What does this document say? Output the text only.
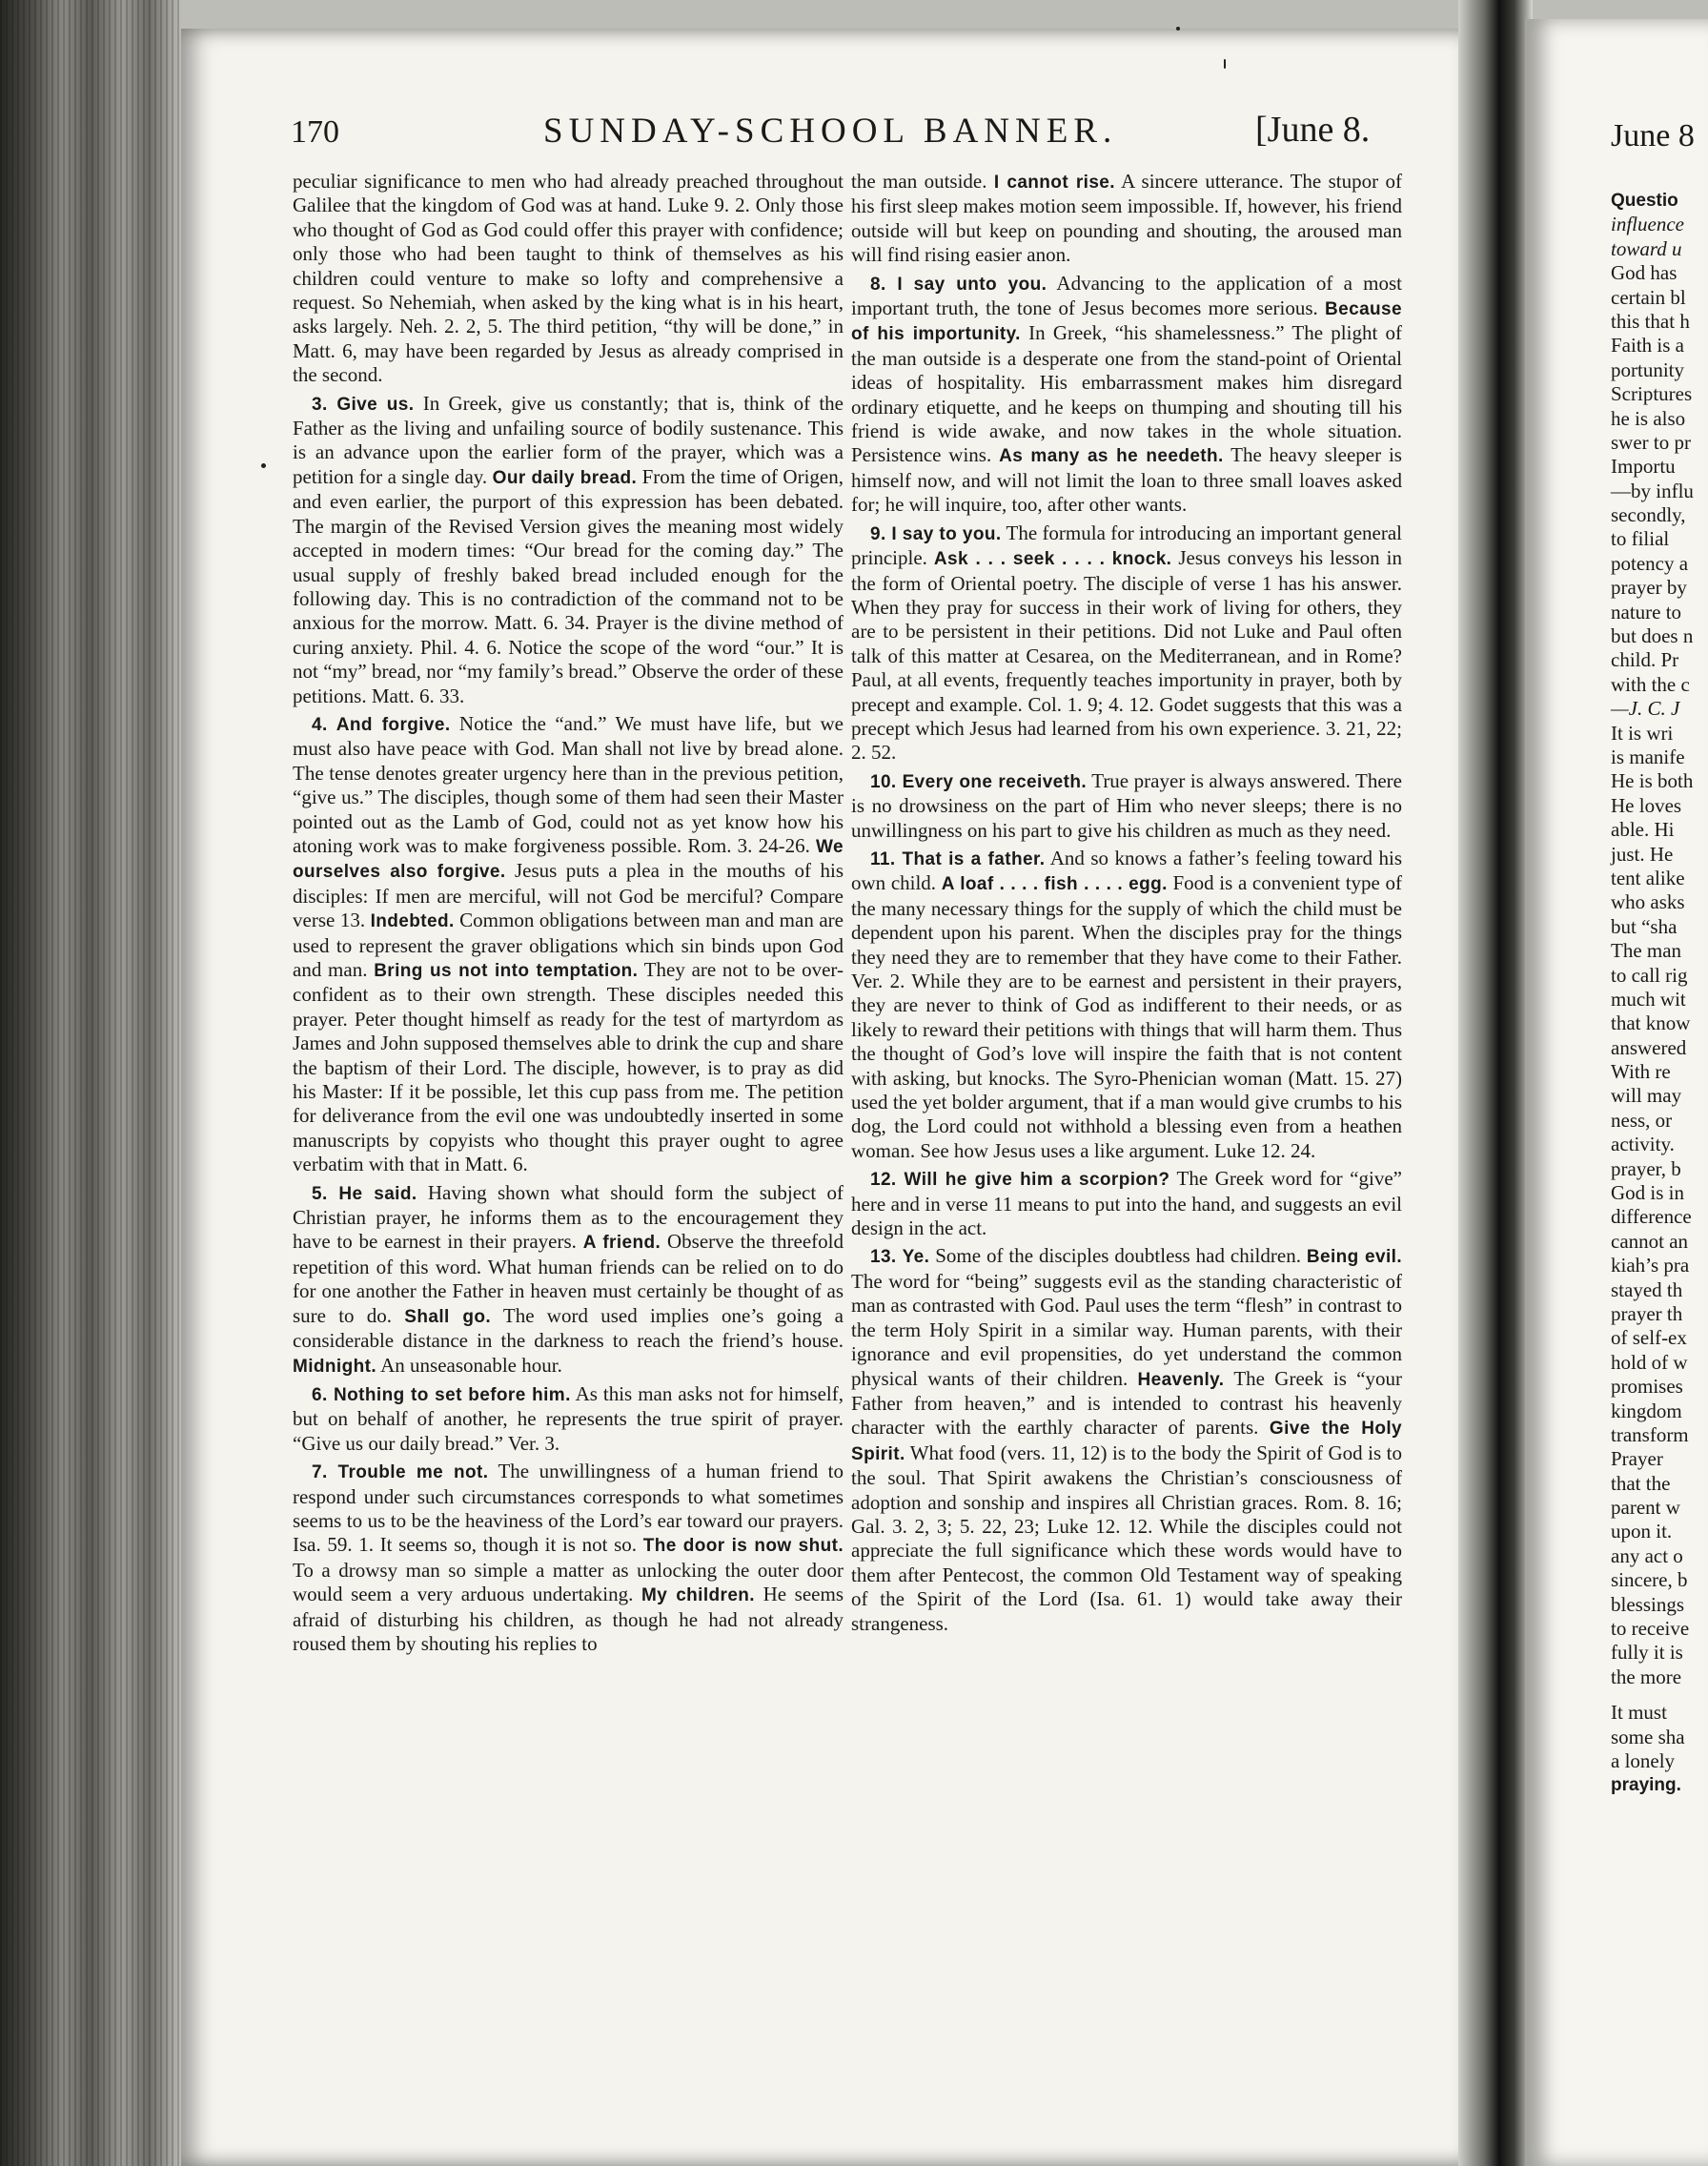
170	SUNDAY-SCHOOL BANNER.	[June 8.

peculiar significance to men who had already preached throughout Galilee that the kingdom of God was at hand. Luke 9. 2. Only those who thought of God as God could offer this prayer with confidence; only those who had been taught to think of themselves as his children could venture to make so lofty and comprehensive a request. So Nehemiah, when asked by the king what is in his heart, asks largely. Neh. 2. 2, 5. The third petition, “thy will be done,” in Matt. 6, may have been regarded by Jesus as already comprised in the second.

3. Give us. In Greek, give us constantly; that is, think of the Father as the living and unfailing source of bodily sustenance. This is an advance upon the earlier form of the prayer, which was a petition for a single day. Our daily bread. From the time of Origen, and even earlier, the purport of this expression has been debated. The margin of the Revised Version gives the meaning most widely accepted in modern times: “Our bread for the coming day.” The usual supply of freshly baked bread included enough for the following day. This is no contradiction of the command not to be anxious for the morrow. Matt. 6. 34. Prayer is the divine method of curing anxiety. Phil. 4. 6. Notice the scope of the word “our.” It is not “my” bread, nor “my family’s bread.” Observe the order of these petitions. Matt. 6. 33.

4. And forgive. Notice the “and.” We must have life, but we must also have peace with God. Man shall not live by bread alone. The tense denotes greater urgency here than in the previous petition, “give us.” The disciples, though some of them had seen their Master pointed out as the Lamb of God, could not as yet know how his atoning work was to make forgiveness possible. Rom. 3. 24-26. We ourselves also forgive. Jesus puts a plea in the mouths of his disciples: If men are merciful, will not God be merciful? Compare verse 13. Indebted. Common obligations between man and man are used to represent the graver obligations which sin binds upon God and man. Bring us not into temptation. They are not to be over-confident as to their own strength. These disciples needed this prayer. Peter thought himself as ready for the test of martyrdom as James and John supposed themselves able to drink the cup and share the baptism of their Lord. The disciple, however, is to pray as did his Master: If it be possible, let this cup pass from me. The petition for deliverance from the evil one was undoubtedly inserted in some manuscripts by copyists who thought this prayer ought to agree verbatim with that in Matt. 6.

5. He said. Having shown what should form the subject of Christian prayer, he informs them as to the encouragement they have to be earnest in their prayers. A friend. Observe the threefold repetition of this word. What human friends can be relied on to do for one another the Father in heaven must certainly be thought of as sure to do. Shall go. The word used implies one’s going a considerable distance in the darkness to reach the friend’s house. Midnight. An unseasonable hour.

6. Nothing to set before him. As this man asks not for himself, but on behalf of another, he represents the true spirit of prayer. “Give us our daily bread.” Ver. 3.

7. Trouble me not. The unwillingness of a human friend to respond under such circumstances corresponds to what sometimes seems to us to be the heaviness of the Lord’s ear toward our prayers. Isa. 59. 1. It seems so, though it is not so. The door is now shut. To a drowsy man so simple a matter as unlocking the outer door would seem a very arduous undertaking. My children. He seems afraid of disturbing his children, as though he had not already roused them by shouting his replies to

the man outside. I cannot rise. A sincere utterance. The stupor of his first sleep makes motion seem impossible. If, however, his friend outside will but keep on pounding and shouting, the aroused man will find rising easier anon.

8. I say unto you. Advancing to the application of a most important truth, the tone of Jesus becomes more serious. Because of his importunity. In Greek, “his shamelessness.” The plight of the man outside is a desperate one from the stand-point of Oriental ideas of hospitality. His embarrassment makes him disregard ordinary etiquette, and he keeps on thumping and shouting till his friend is wide awake, and now takes in the whole situation. Persistence wins. As many as he needeth. The heavy sleeper is himself now, and will not limit the loan to three small loaves asked for; he will inquire, too, after other wants.

9. I say to you. The formula for introducing an important general principle. Ask . . . seek . . . . knock. Jesus conveys his lesson in the form of Oriental poetry. The disciple of verse 1 has his answer. When they pray for success in their work of living for others, they are to be persistent in their petitions. Did not Luke and Paul often talk of this matter at Cesarea, on the Mediterranean, and in Rome? Paul, at all events, frequently teaches importunity in prayer, both by precept and example. Col. 1. 9; 4. 12. Godet suggests that this was a precept which Jesus had learned from his own experience. 3. 21, 22; 2. 52.

10. Every one receiveth. True prayer is always answered. There is no drowsiness on the part of Him who never sleeps; there is no unwillingness on his part to give his children as much as they need.

11. That is a father. And so knows a father’s feeling toward his own child. A loaf . . . . fish . . . . egg. Food is a convenient type of the many necessary things for the supply of which the child must be dependent upon his parent. When the disciples pray for the things they need they are to remember that they have come to their Father. Ver. 2. While they are to be earnest and persistent in their prayers, they are never to think of God as indifferent to their needs, or as likely to reward their petitions with things that will harm them. Thus the thought of God’s love will inspire the faith that is not content with asking, but knocks. The Syro-Phenician woman (Matt. 15. 27) used the yet bolder argument, that if a man would give crumbs to his dog, the Lord could not withhold a blessing even from a heathen woman. See how Jesus uses a like argument. Luke 12. 24.

12. Will he give him a scorpion? The Greek word for “give” here and in verse 11 means to put into the hand, and suggests an evil design in the act.

13. Ye. Some of the disciples doubtless had children. Being evil. The word for “being” suggests evil as the standing characteristic of man as contrasted with God. Paul uses the term “flesh” in contrast to the term Holy Spirit in a similar way. Human parents, with their ignorance and evil propensities, do yet understand the common physical wants of their children. Heavenly. The Greek is “your Father from heaven,” and is intended to contrast his heavenly character with the earthly character of parents. Give the Holy Spirit. What food (vers. 11, 12) is to the body the Spirit of God is to the soul. That Spirit awakens the Christian’s consciousness of adoption and sonship and inspires all Christian graces. Rom. 8. 16; Gal. 3. 2, 3; 5. 22, 23; Luke 12. 12. While the disciples could not appreciate the full significance which these words would have to them after Pentecost, the common Old Testament way of speaking of the Spirit of the Lord (Isa. 61. 1) would take away their strangeness.

June 8
Questio
influence
toward u
God has
certain bl
this that h
Faith is a
portunity
Scriptures
he is also
swer to pr
Importu
—by influ
secondly,
to filial
potency a
prayer by
nature to
but does n
child. Pr
with the c
—J. C. J
It is wri
is manife
He is both
He loves
able. Hi
just. He
tent alike
who asks
but “sha
The man
to call rig
much wit
that know
answered
With re
will may
ness, or
activity.
prayer, b
God is in
difference
cannot an
kiah’s pra
stayed th
prayer th
of self-ex
hold of w
promises
kingdom
transform
Prayer
that the
parent w
upon it.
any act o
sincere, b
blessings
to receive
fully it is
the more
It must
some sha
a lonely
praying.
